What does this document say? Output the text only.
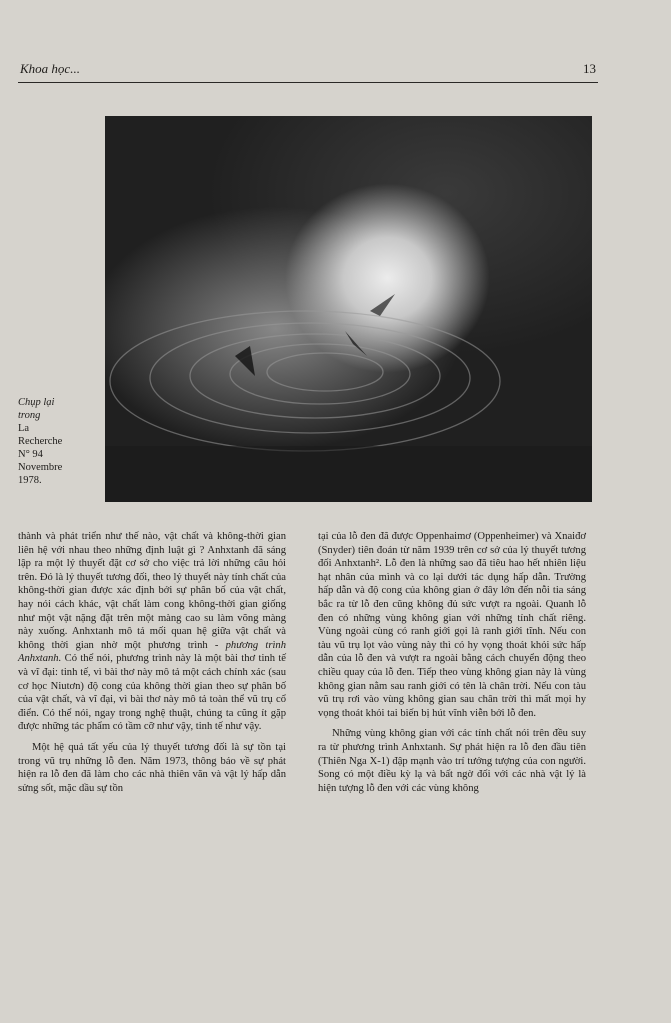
Khoa học...	13
Chụp lại
trong
La
Recherche
N° 94
Novembre
1978.

thành và phát triển như thế nào, vật chất và không-thời gian liên hệ với nhau theo những định luật gì ? Anhxtanh đã sáng lập ra một lý thuyết đặt cơ sở cho việc trả lời những câu hỏi trên. Đó là lý thuyết tương đối, theo lý thuyết này tính chất của không-thời gian được xác định bởi sự phân bố của vật chất, hay nói cách khác, vật chất làm cong không-thời gian giống như một vật nặng đặt trên một màng cao su làm võng màng này xuống. Anhxtanh mô tả mối quan hệ giữa vật chất và không thời gian nhờ một phương trình - phương trình Anhxtanh. Có thể nói, phương trình này là một bài thơ tinh tế và vĩ đại: tinh tế, vì bài thơ này mô tả một cách chính xác (sau cơ học Niutơn) độ cong của không thời gian theo sự phân bố của vật chất, và vĩ đại, vì bài thơ này mô tả toàn thể vũ trụ cổ điển. Có thể nói, ngay trong nghệ thuật, chúng ta cũng ít gặp được những tác phẩm có tầm cỡ như vậy, tinh tế như vậy.

Một hệ quả tất yếu của lý thuyết tương đối là sự tồn tại trong vũ trụ những lỗ đen. Năm 1973, thông báo về sự phát hiện ra lỗ đen đã làm cho các nhà thiên văn và vật lý hấp dẫn sửng sốt, mặc dầu sự tồn

tại của lỗ đen đã được Oppenhaimơ (Oppenheimer) và Xnaiđơ (Snyder) tiên đoán từ năm 1939 trên cơ sở của lý thuyết tương đối Anhxtanh². Lỗ đen là những sao đã tiêu hao hết nhiên liệu hạt nhân của mình và co lại dưới tác dụng hấp dẫn. Trường hấp dẫn và độ cong của không gian ở đây lớn đến nỗi tia sáng bắc ra từ lỗ đen cũng không đủ sức vượt ra ngoài. Quanh lỗ đen có những vùng không gian với những tính chất riêng. Vùng ngoài cùng có ranh giới gọi là ranh giới tĩnh. Nếu con tàu vũ trụ lọt vào vùng này thì có hy vọng thoát khỏi sức hấp dẫn của lỗ đen và vượt ra ngoài bằng cách chuyển động theo chiều quay của lỗ đen. Tiếp theo vùng không gian này là vùng không gian nằm sau ranh giới có tên là chân trời. Nếu con tàu vũ trụ rơi vào vùng không gian sau chân trời thì mất mọi hy vọng thoát khỏi tai biến bị hút vĩnh viễn bởi lỗ đen.

Những vùng không gian với các tính chất nói trên đều suy ra từ phương trình Anhxtanh. Sự phát hiện ra lỗ đen đầu tiên (Thiên Nga X-1) đập mạnh vào trí tưởng tượng của con người. Song có một điều kỳ lạ và bất ngờ đối với các nhà vật lý là hiện tượng lỗ đen với các vùng không
